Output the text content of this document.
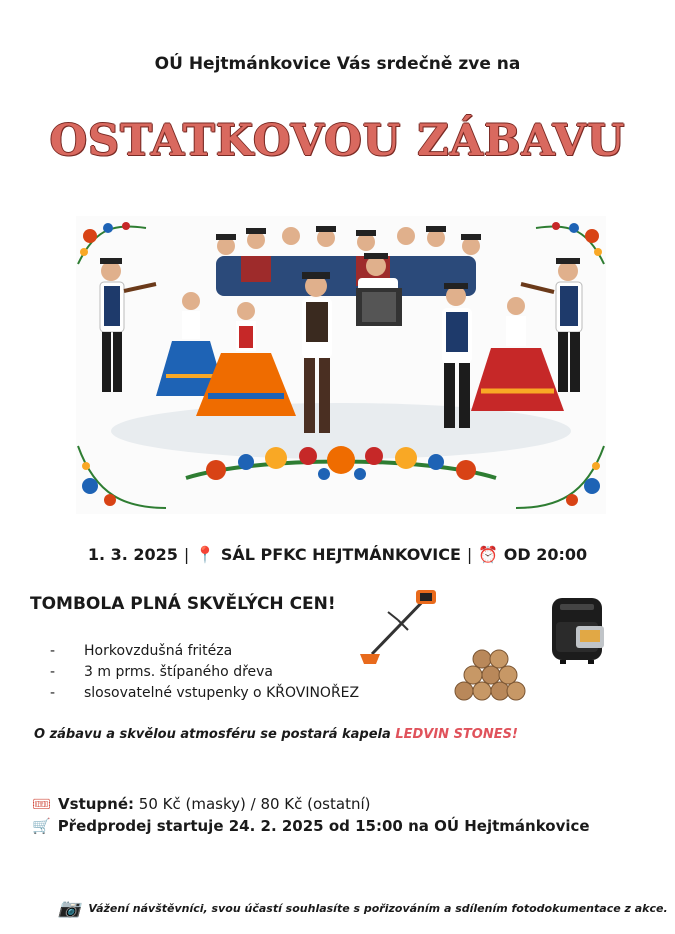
OÚ Hejtmánkovice Vás srdečně zve na
OSTATKOVOU ZÁBAVU
1. 3. 2025 | 📍 SÁL PFKC HEJTMÁNKOVICE | ⏰ OD 20:00
TOMBOLA PLNÁ SKVĚLÝCH CEN!
-	Horkovzdušná fritéza
-	3 m prms. štípaného dřeva
-	slosovatelné vstupenky o KŘOVINOŘEZ
O zábavu a skvělou atmosféru se postará kapela LEDVIN STONES!
🎟 Vstupné: 50 Kč (masky) / 80 Kč (ostatní)
🛒 Předprodej startuje 24. 2. 2025 od 15:00 na OÚ Hejtmánkovice
📷 Vážení návštěvníci, svou účastí souhlasíte s pořizováním a sdílením fotodokumentace z akce.
